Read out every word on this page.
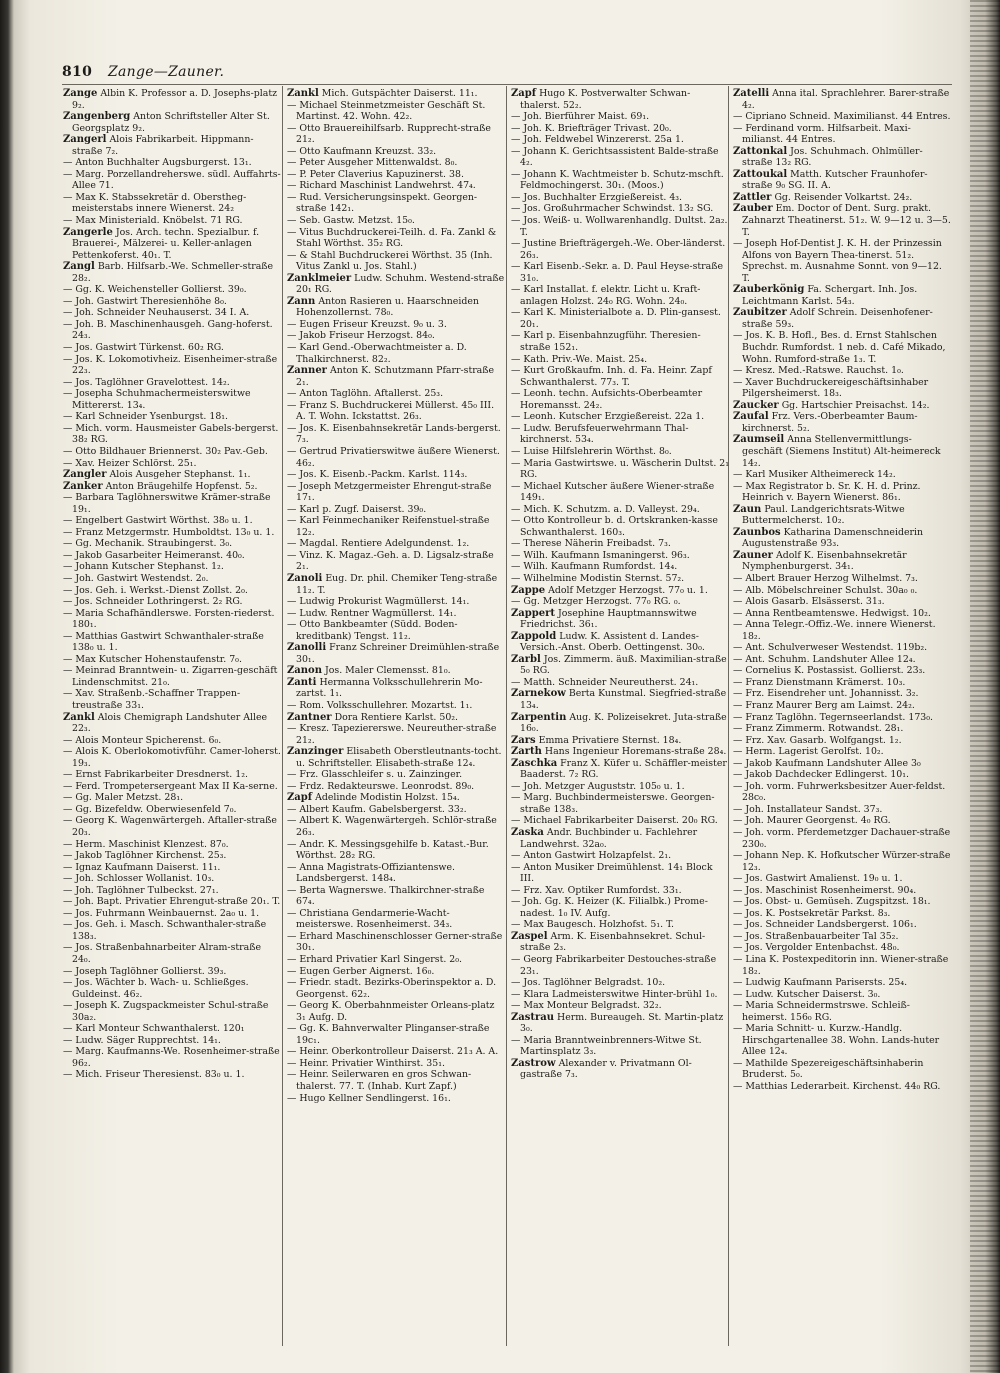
810 Zange—Zauner.

Zange Albin K. Professor a. D. Josephs-platz 9₂.

Zangenberg Anton Schriftsteller Alter St. Georgsplatz 9₂.

Zangerl Alois Fabrikarbeit. Hippmann-straße 7₂.

— Anton Buchhalter Augsburgerst. 13₁.

— Marg. Porzellandreherswe. südl. Auffahrts-Allee 71.

— Max K. Stabssekretär d. Oberstheg-meisterstabs innere Wienerst. 24₂

— Max Ministeriald. Knöbelst. 71 RG.

Zangerle Jos. Arch. techn. Spezialbur. f. Brauerei-, Mälzerei- u. Keller-anlagen Pettenkoferst. 40₁. T.

Zangl Barb. Hilfsarb.-We. Schmeller-straße 28₂.

— Gg. K. Weichensteller Gollierst. 39₀.

— Joh. Gastwirt Theresienhöhe 8₀.

— Joh. Schneider Neuhauserst. 34 I. A.

— Joh. B. Maschinenhausgeh. Gang-hoferst. 24₃.

— Jos. Gastwirt Türkenst. 60₂ RG.

— Jos. K. Lokomotivheiz. Eisenheimer-straße 22₃.

— Jos. Taglöhner Gravelottest. 14₂.

— Josepha Schuhmachermeisterswitwe Mittererst. 13₄.

— Karl Schneider Ysenburgst. 18₁.

— Mich. vorm. Hausmeister Gabels-bergerst. 38₂ RG.

— Otto Bildhauer Briennerst. 30₂ Pav.-Geb.

— Xav. Heizer Schlörst. 25₁.

Zangler Alois Ausgeher Stephanst. 1₁.

Zanker Anton Bräugehilfe Hopfenst. 5₂.

— Barbara Taglöhnerswitwe Krämer-straße 19₁.

— Engelbert Gastwirt Wörthst. 38₀ u. 1.

— Franz Metzgermstr. Humboldtst. 13₀ u. 1.

— Gg. Mechanik. Straubingerst. 3₀.

— Jakob Gasarbeiter Heimeranst. 40₀.

— Johann Kutscher Stephanst. 1₂.

— Joh. Gastwirt Westendst. 2₀.

— Jos. Geh. i. Werkst.-Dienst Zollst. 2₀.

— Jos. Schneider Lothringerst. 2₂ RG.

— Maria Schafhändlerswe. Forsten-riederst. 180₁.

— Matthias Gastwirt Schwanthaler-straße 138₀ u. 1.

— Max Kutscher Hohenstaufenstr. 7₀.

— Meinrad Branntwein- u. Zigarren-geschäft Lindenschmitst. 21₀.

— Xav. Straßenb.-Schaffner Trappen-treustraße 33₁.

Zankl Alois Chemigraph Landshuter Allee 22₃.

— Alois Monteur Spicherenst. 6₀.

— Alois K. Oberlokomotivführ. Camer-loherst. 19₃.

— Ernst Fabrikarbeiter Dresdnerst. 1₂.

— Ferd. Trompetersergeant Max II Ka-serne.

— Gg. Maler Metzst. 28₁.

— Gg. Bizefeldw. Oberwiesenfeld 7₀.

— Georg K. Wagenwärtergeh. Aftaller-straße 20₃.

— Herm. Maschinist Klenzest. 87₀.

— Jakob Taglöhner Kirchenst. 25₃.

— Ignaz Kaufmann Daiserst. 11₁.

— Joh. Schlosser Wollanist. 10₃.

— Joh. Taglöhner Tulbeckst. 27₁.

— Joh. Bapt. Privatier Ehrengut-straße 20₁. T.

— Jos. Fuhrmann Weinbauernst. 2a₀ u. 1.

— Jos. Geh. i. Masch. Schwanthaler-straße 138₃.

— Jos. Straßenbahnarbeiter Alram-straße 24₀.

— Joseph Taglöhner Gollierst. 39₃.

— Jos. Wächter b. Wach- u. Schließges. Guldeinst. 46₂.

— Joseph K. Zugspackmeister Schul-straße 30a₂.

— Karl Monteur Schwanthalerst. 120₁

— Ludw. Säger Rupprechtst. 14₁.

— Marg. Kaufmanns-We. Rosenheimer-straße 96₂.

— Mich. Friseur Theresienst. 83₀ u. 1.

Zankl Mich. Gutspächter Daiserst. 11₁.

— Michael Steinmetzmeister Geschäft St. Martinst. 42. Wohn. 42₂.

— Otto Brauereihilfsarb. Rupprecht-straße 21₂.

— Otto Kaufmann Kreuzst. 33₂.

— Peter Ausgeher Mittenwaldst. 8₀.

— P. Peter Claverius Kapuzinerst. 38.

— Richard Maschinist Landwehrst. 47₄.

— Rud. Versicherungsinspekt. Georgen-straße 142₁.

— Seb. Gastw. Metzst. 15₀.

— Vitus Buchdruckerei-Teilh. d. Fa. Zankl & Stahl Wörthst. 35₂ RG.

— & Stahl Buchdruckerei Wörthst. 35 (Inh. Vitus Zankl u. Jos. Stahl.)

Zanklmeier Ludw. Schuhm. Westend-straße 20₁ RG.

Zann Anton Rasieren u. Haarschneiden Hohenzollernst. 78₀.

— Eugen Friseur Kreuzst. 9₀ u. 3.

— Jakob Friseur Herzogst. 84₀.

— Karl Gend.-Oberwachtmeister a. D. Thalkirchnerst. 82₂.

Zanner Anton K. Schutzmann Pfarr-straße 2₁.

— Anton Taglöhn. Aftallerst. 25₃.

— Franz S. Buchdruckerei Müllerst. 45₀ III. A. T. Wohn. Ickstattst. 26₃.

— Jos. K. Eisenbahnsekretär Lands-bergerst. 7₃.

— Gertrud Privatierswitwe äußere Wienerst. 46₂.

— Jos. K. Eisenb.-Packm. Karlst. 114₃.

— Joseph Metzgermeister Ehrengut-straße 17₁.

— Karl p. Zugf. Daiserst. 39₀.

— Karl Feinmechaniker Reifenstuel-straße 12₂.

— Magdal. Rentiere Adelgundenst. 1₂.

— Vinz. K. Magaz.-Geh. a. D. Ligsalz-straße 2₁.

Zanoli Eug. Dr. phil. Chemiker Teng-straße 11₂. T.

— Ludwig Prokurist Wagmüllerst. 14₁.

— Ludw. Rentner Wagmüllerst. 14₁.

— Otto Bankbeamter (Südd. Boden-kreditbank) Tengst. 11₂.

Zanolli Franz Schreiner Dreimühlen-straße 30₁.

Zanon Jos. Maler Clemensst. 81₀.

Zanti Hermanna Volksschullehrerin Mo-zartst. 1₁.

— Rom. Volksschullehrer. Mozartst. 1₁.

Zantner Dora Rentiere Karlst. 50₂.

— Kresz. Tapeziererswe. Neureuther-straße 21₂.

Zanzinger Elisabeth Oberstleutnants-tocht. u. Schriftsteller. Elisabeth-straße 12₄.

— Frz. Glasschleifer s. u. Zainzinger.

— Frdz. Redakteurswe. Leonrodst. 89₀.

Zapf Adelinde Modistin Holzst. 15₄.

— Albert Kaufm. Gabelsbergerst. 33₂.

— Albert K. Wagenwärtergeh. Schlör-straße 26₃.

— Andr. K. Messingsgehilfe b. Katast.-Bur. Wörthst. 28₂ RG.

— Anna Magistrats-Offiziantenswe. Landsbergerst. 148₄.

— Berta Wagnerswe. Thalkirchner-straße 67₄.

— Christiana Gendarmerie-Wacht-meisterswe. Rosenheimerst. 34₃.

— Erhard Maschinenschlosser Gerner-straße 30₁.

— Erhard Privatier Karl Singerst. 2₀.

— Eugen Gerber Aignerst. 16₀.

— Friedr. stadt. Bezirks-Oberinspektor a. D. Georgenst. 62₂.

— Georg K. Oberbahnmeister Orleans-platz 3₁ Aufg. D.

— Gg. K. Bahnverwalter Plinganser-straße 19c₁.

— Heinr. Oberkontrolleur Daiserst. 21₃ A. A.

— Heinr. Privatier Winthirst. 35₁.

— Heinr. Seilerwaren en gros Schwan-thalerst. 77. T. (Inhab. Kurt Zapf.)

— Hugo Kellner Sendlingerst. 16₁.

Zapf Hugo K. Postverwalter Schwan-thalerst. 52₂.

— Joh. Bierführer Maist. 69₁.

— Joh. K. Briefträger Trivast. 20₀.

— Joh. Feldwebel Winzererst. 25a 1.

— Johann K. Gerichtsassistent Balde-straße 4₂.

— Johann K. Wachtmeister b. Schutz-mschft. Feldmochingerst. 30₁. (Moos.)

— Jos. Buchhalter Erzgießereist. 4₃.

— Jos. Großuhrmacher Schwindst. 13₂ SG.

— Jos. Weiß- u. Wollwarenhandlg. Dultst. 2a₂. T.

— Justine Briefträgergeh.-We. Ober-länderst. 26₃.

— Karl Eisenb.-Sekr. a. D. Paul Heyse-straße 31₀.

— Karl Installat. f. elektr. Licht u. Kraft-anlagen Holzst. 24₀ RG. Wohn. 24₀.

— Karl K. Ministerialbote a. D. Plin-gansest. 20₁.

— Karl p. Eisenbahnzugführ. Theresien-straße 152₁.

— Kath. Priv.-We. Maist. 25₄.

— Kurt Großkaufm. Inh. d. Fa. Heinr. Zapf Schwanthalerst. 77₃. T.

— Leonh. techn. Aufsichts-Oberbeamter Horemansst. 24₂.

— Leonh. Kutscher Erzgießereist. 22a 1.

— Ludw. Berufsfeuerwehrmann Thal-kirchnerst. 53₄.

— Luise Hilfslehrerin Wörthst. 8₀.

— Maria Gastwirtswe. u. Wäscherin Dultst. 2₁ RG.

— Michael Kutscher äußere Wiener-straße 149₁.

— Mich. K. Schutzm. a. D. Valleyst. 29₄.

— Otto Kontrolleur b. d. Ortskranken-kasse Schwanthalerst. 160₃.

— Therese Näherin Freibadst. 7₃.

— Wilh. Kaufmann Ismaningerst. 96₃.

— Wilh. Kaufmann Rumfordst. 14₄.

— Wilhelmine Modistin Sternst. 57₂.

Zappe Adolf Metzger Herzogst. 77₀ u. 1.

— Gg. Metzger Herzogst. 77₀ RG. ₀.

Zappert Josephine Hauptmannswitwe Friedrichst. 36₁.

Zappold Ludw. K. Assistent d. Landes-Versich.-Anst. Oberb. Oettingenst. 30₀.

Zarbl Jos. Zimmerm. äuß. Maximilian-straße 5₀ RG.

— Matth. Schneider Neureutherst. 24₁.

Zarnekow Berta Kunstmal. Siegfried-straße 13₄.

Zarpentin Aug. K. Polizeisekret. Jutа-straße 16₀.

Zars Emma Privatiere Sternst. 18₄.

Zarth Hans Ingenieur Horemans-straße 28₄.

Zaschka Franz X. Küfer u. Schäffler-meister Baaderst. 7₂ RG.

— Joh. Metzger Auguststr. 105₀ u. 1.

— Marg. Buchbindermeisterswe. Georgen-straße 138₃.

— Michael Fabrikarbeiter Daiserst. 20₀ RG.

Zaska Andr. Buchbinder u. Fachlehrer Landwehrst. 32a₀.

— Anton Gastwirt Holzapfelst. 2₁.

— Anton Musiker Dreimühlenst. 14₁ Block III.

— Frz. Xav. Optiker Rumfordst. 33₁.

— Joh. Gg. K. Heizer (K. Filialbk.) Prome-nadest. 1₀ IV. Aufg.

— Max Baugesch. Holzhofst. 5₁. T.

Zaspel Arm. K. Eisenbahnsekret. Schul-straße 2₃.

— Georg Fabrikarbeiter Destouches-straße 23₁.

— Jos. Taglöhner Belgradst. 10₂.

— Klara Ladmeisterswitwe Hinter-brühl 1₀.

— Max Monteur Belgradst. 32₂.

Zastrau Herm. Bureaugeh. St. Martin-platz 3₀.

— Maria Branntweinbrenners-Witwe St. Martinsplatz 3₃.

Zastrow Alexander v. Privatmann Ol-gastraße 7₃.

Zatelli Anna ital. Sprachlehrer. Barer-straße 4₂.

— Cipriano Schneid. Maximilianst. 44 Entres.

— Ferdinand vorm. Hilfsarbeit. Maxi-milianst. 44 Entres.

Zattonkal Jos. Schuhmach. Ohlmüller-straße 13₂ RG.

Zattoukal Matth. Kutscher Fraunhofer-straße 9₀ SG. II. A.

Zattler Gg. Reisender Volkartst. 24₂.

Zauber Em. Doctor of Dent. Surg. prakt. Zahnarzt Theatinerst. 51₂. W. 9—12 u. 3—5. T.

— Joseph Hof-Dentist J. K. H. der Prinzessin Alfons von Bayern Thea-tinerst. 51₂. Sprechst. m. Ausnahme Sonnt. von 9—12. T.

Zauberkönig Fa. Schergart. Inh. Jos. Leichtmann Karlst. 54₃.

Zaubitzer Adolf Schrein. Deisenhofener-straße 59₃.

— Jos. K. B. Hofl., Bes. d. Ernst Stahlschen Buchdr. Rumfordst. 1 neb. d. Café Mikado, Wohn. Rumford-straße 1₃. T.

— Kresz. Med.-Ratswe. Rauchst. 1₀.

— Xaver Buchdruckereigeschäftsinhaber Pilgersheimerst. 18₃.

Zaucker Gg. Hartschier Preisachst. 14₂.

Zaufal Frz. Vers.-Oberbeamter Baum-kirchnerst. 5₂.

Zaumseil Anna Stellenvermittlungs-geschäft (Siemens Institut) Alt-heimereck 14₂.

— Karl Musiker Altheimereck 14₂.

— Max Registrator b. Sr. K. H. d. Prinz. Heinrich v. Bayern Wienerst. 86₁.

Zaun Paul. Landgerichtsrats-Witwe Buttermelcherst. 10₂.

Zaunbos Katharina Damenschneiderin Augustenstraße 93₃.

Zauner Adolf K. Eisenbahnsekretär Nymphenburgerst. 34₁.

— Albert Brauer Herzog Wilhelmst. 7₃.

— Alb. Möbelschreiner Schulst. 30a₀ ₀.

— Alois Gasarb. Elsässerst. 31₃.

— Anna Rentbeamtenswe. Hedwigst. 10₂.

— Anna Telegr.-Offiz.-We. innere Wienerst. 18₂.

— Ant. Schulverweser Westendst. 119b₂.

— Ant. Schuhm. Landshuter Allee 12₄.

— Cornelius K. Postassist. Gollierst. 23₃.

— Franz Dienstmann Krämerst. 10₃.

— Frz. Eisendreher unt. Johannisst. 3₂.

— Franz Maurer Berg am Laimst. 24₂.

— Franz Taglöhn. Tegernseerlandst. 173₀.

— Franz Zimmerm. Rotwandst. 28₁.

— Frz. Xav. Gasarb. Wolfgangst. 1₂.

— Herm. Lagerist Gerolfst. 10₂.

— Jakob Kaufmann Landshuter Allee 3₀

— Jakob Dachdecker Edlingerst. 10₁.

— Joh. vorm. Fuhrwerksbesitzer Auer-feldst. 28c₀.

— Joh. Installateur Sandst. 37₃.

— Joh. Maurer Georgenst. 4₀ RG.

— Joh. vorm. Pferdemetzger Dachauer-straße 230₀.

— Johann Nep. K. Hofkutscher Würzer-straße 12₃.

— Jos. Gastwirt Amalienst. 19₀ u. 1.

— Jos. Maschinist Rosenheimerst. 90₄.

— Jos. Obst- u. Gemüseh. Zugspitzst. 18₁.

— Jos. K. Postsekretär Parkst. 8₃.

— Jos. Schneider Landsbergerst. 106₁.

— Jos. Straßenbauarbeiter Tal 35₂.

— Jos. Vergolder Entenbachst. 48₀.

— Lina K. Postexpeditorin inn. Wiener-straße 18₂.

— Ludwig Kaufmann Parisersts. 25₄.

— Ludw. Kutscher Daiserst. 3₀.

— Maria Schneidermstrswe. Schleiß-heimerst. 156₀ RG.

— Maria Schnitt- u. Kurzw.-Handlg. Hirschgartenallee 38. Wohn. Lands-huter Allee 12₄.

— Mathilde Spezereigeschäftsinhaberin Bruderst. 5₀.

— Matthias Lederarbeit. Kirchenst. 44₀ RG.
